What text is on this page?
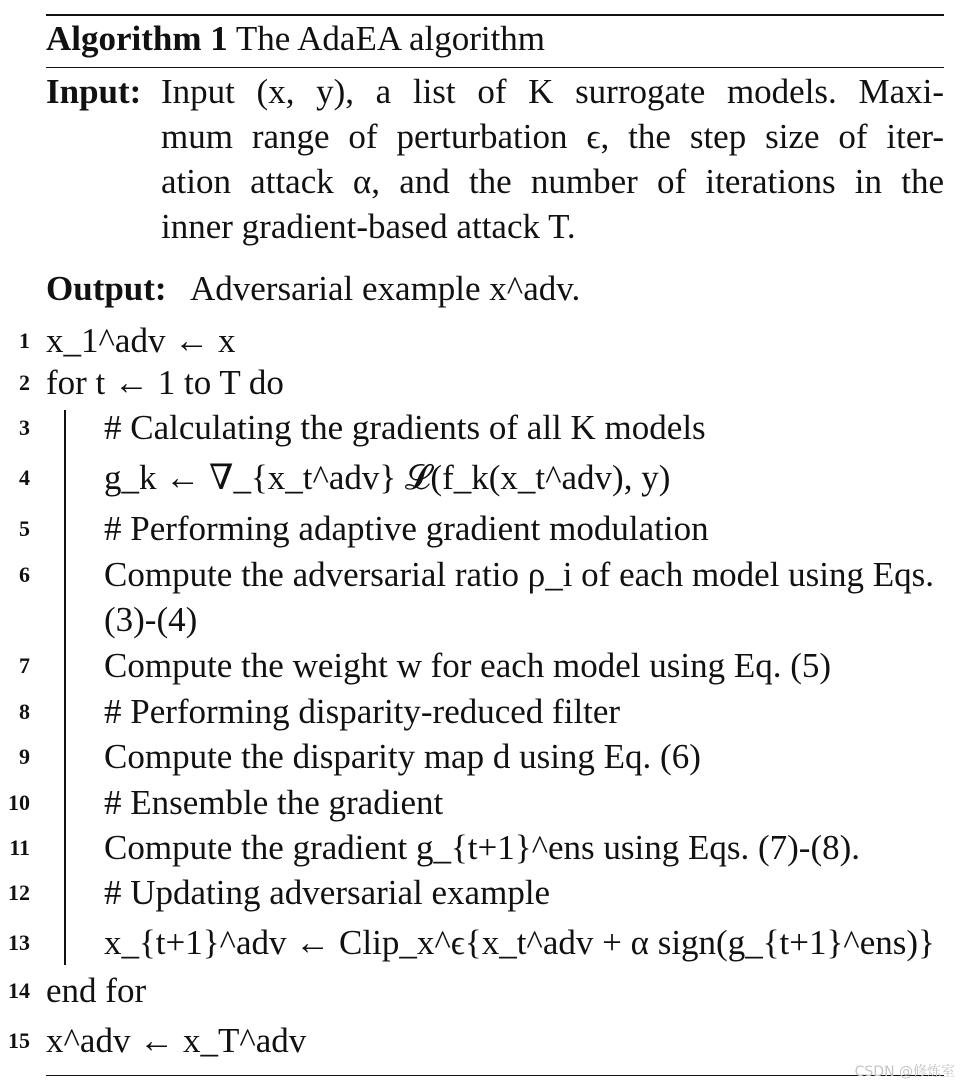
Algorithm 1 The AdaEA algorithm
Input: Input (x, y), a list of K surrogate models. Maxi-
mum range of perturbation ϵ, the step size of iter-
ation attack α, and the number of iterations in the
inner gradient-based attack T.
Output: Adversarial example x^adv.
1 x_1^adv ← x
2 for t ← 1 to T do
3 # Calculating the gradients of all K models
4 g_k ← ∇_{x_t^adv} 𝓛(f_k(x_t^adv), y)
5 # Performing adaptive gradient modulation
6 Compute the adversarial ratio ρ_i of each model using Eqs. (3)-(4)
7 Compute the weight w for each model using Eq. (5)
8 # Performing disparity-reduced filter
9 Compute the disparity map d using Eq. (6)
10 # Ensemble the gradient
11 Compute the gradient g_{t+1}^ens using Eqs. (7)-(8).
12 # Updating adversarial example
13 x_{t+1}^adv ← Clip_x^ϵ{x_t^adv + α sign(g_{t+1}^ens)}
14 end for
15 x^adv ← x_T^adv
CSDN @修炼室
